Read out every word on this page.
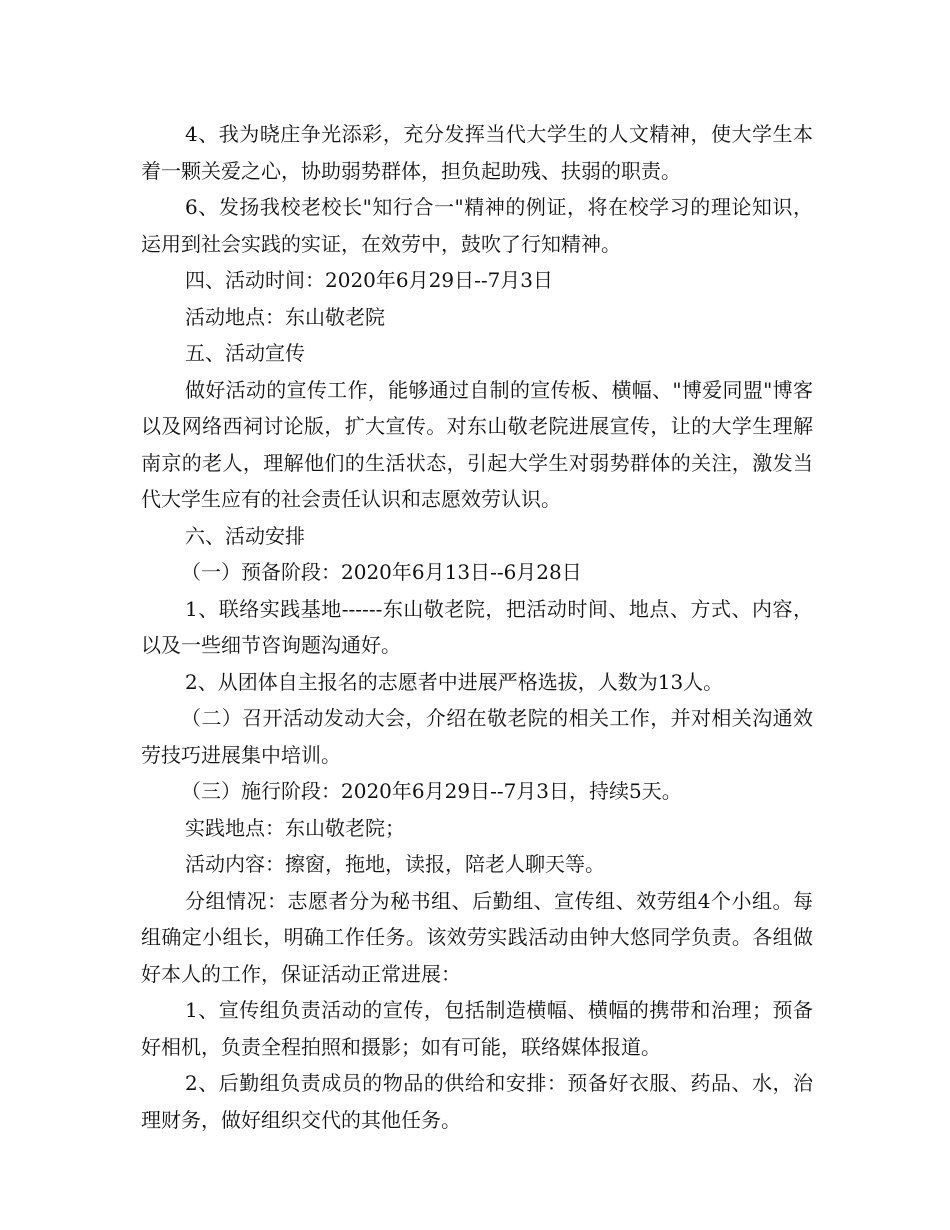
4、我为晓庄争光添彩，充分发挥当代大学生的人文精神，使大学生本着一颗关爱之心，协助弱势群体，担负起助残、扶弱的职责。

6、发扬我校老校长"知行合一"精神的例证，将在校学习的理论知识，运用到社会实践的实证，在效劳中，鼓吹了行知精神。

四、活动时间：2020年6月29日--7月3日

活动地点：东山敬老院

五、活动宣传

做好活动的宣传工作，能够通过自制的宣传板、横幅、"博爱同盟"博客以及网络西祠讨论版，扩大宣传。对东山敬老院进展宣传，让的大学生理解南京的老人，理解他们的生活状态，引起大学生对弱势群体的关注，激发当代大学生应有的社会责任认识和志愿效劳认识。

六、活动安排

（一）预备阶段：2020年6月13日--6月28日

1、联络实践基地------东山敬老院，把活动时间、地点、方式、内容，以及一些细节咨询题沟通好。

2、从团体自主报名的志愿者中进展严格选拔，人数为13人。

（二）召开活动发动大会，介绍在敬老院的相关工作，并对相关沟通效劳技巧进展集中培训。

（三）施行阶段：2020年6月29日--7月3日，持续5天。

实践地点：东山敬老院；

活动内容：擦窗，拖地，读报，陪老人聊天等。

分组情况：志愿者分为秘书组、后勤组、宣传组、效劳组4个小组。每组确定小组长，明确工作任务。该效劳实践活动由钟大悠同学负责。各组做好本人的工作，保证活动正常进展：

1、宣传组负责活动的宣传，包括制造横幅、横幅的携带和治理；预备好相机，负责全程拍照和摄影；如有可能，联络媒体报道。

2、后勤组负责成员的物品的供给和安排：预备好衣服、药品、水，治理财务，做好组织交代的其他任务。
